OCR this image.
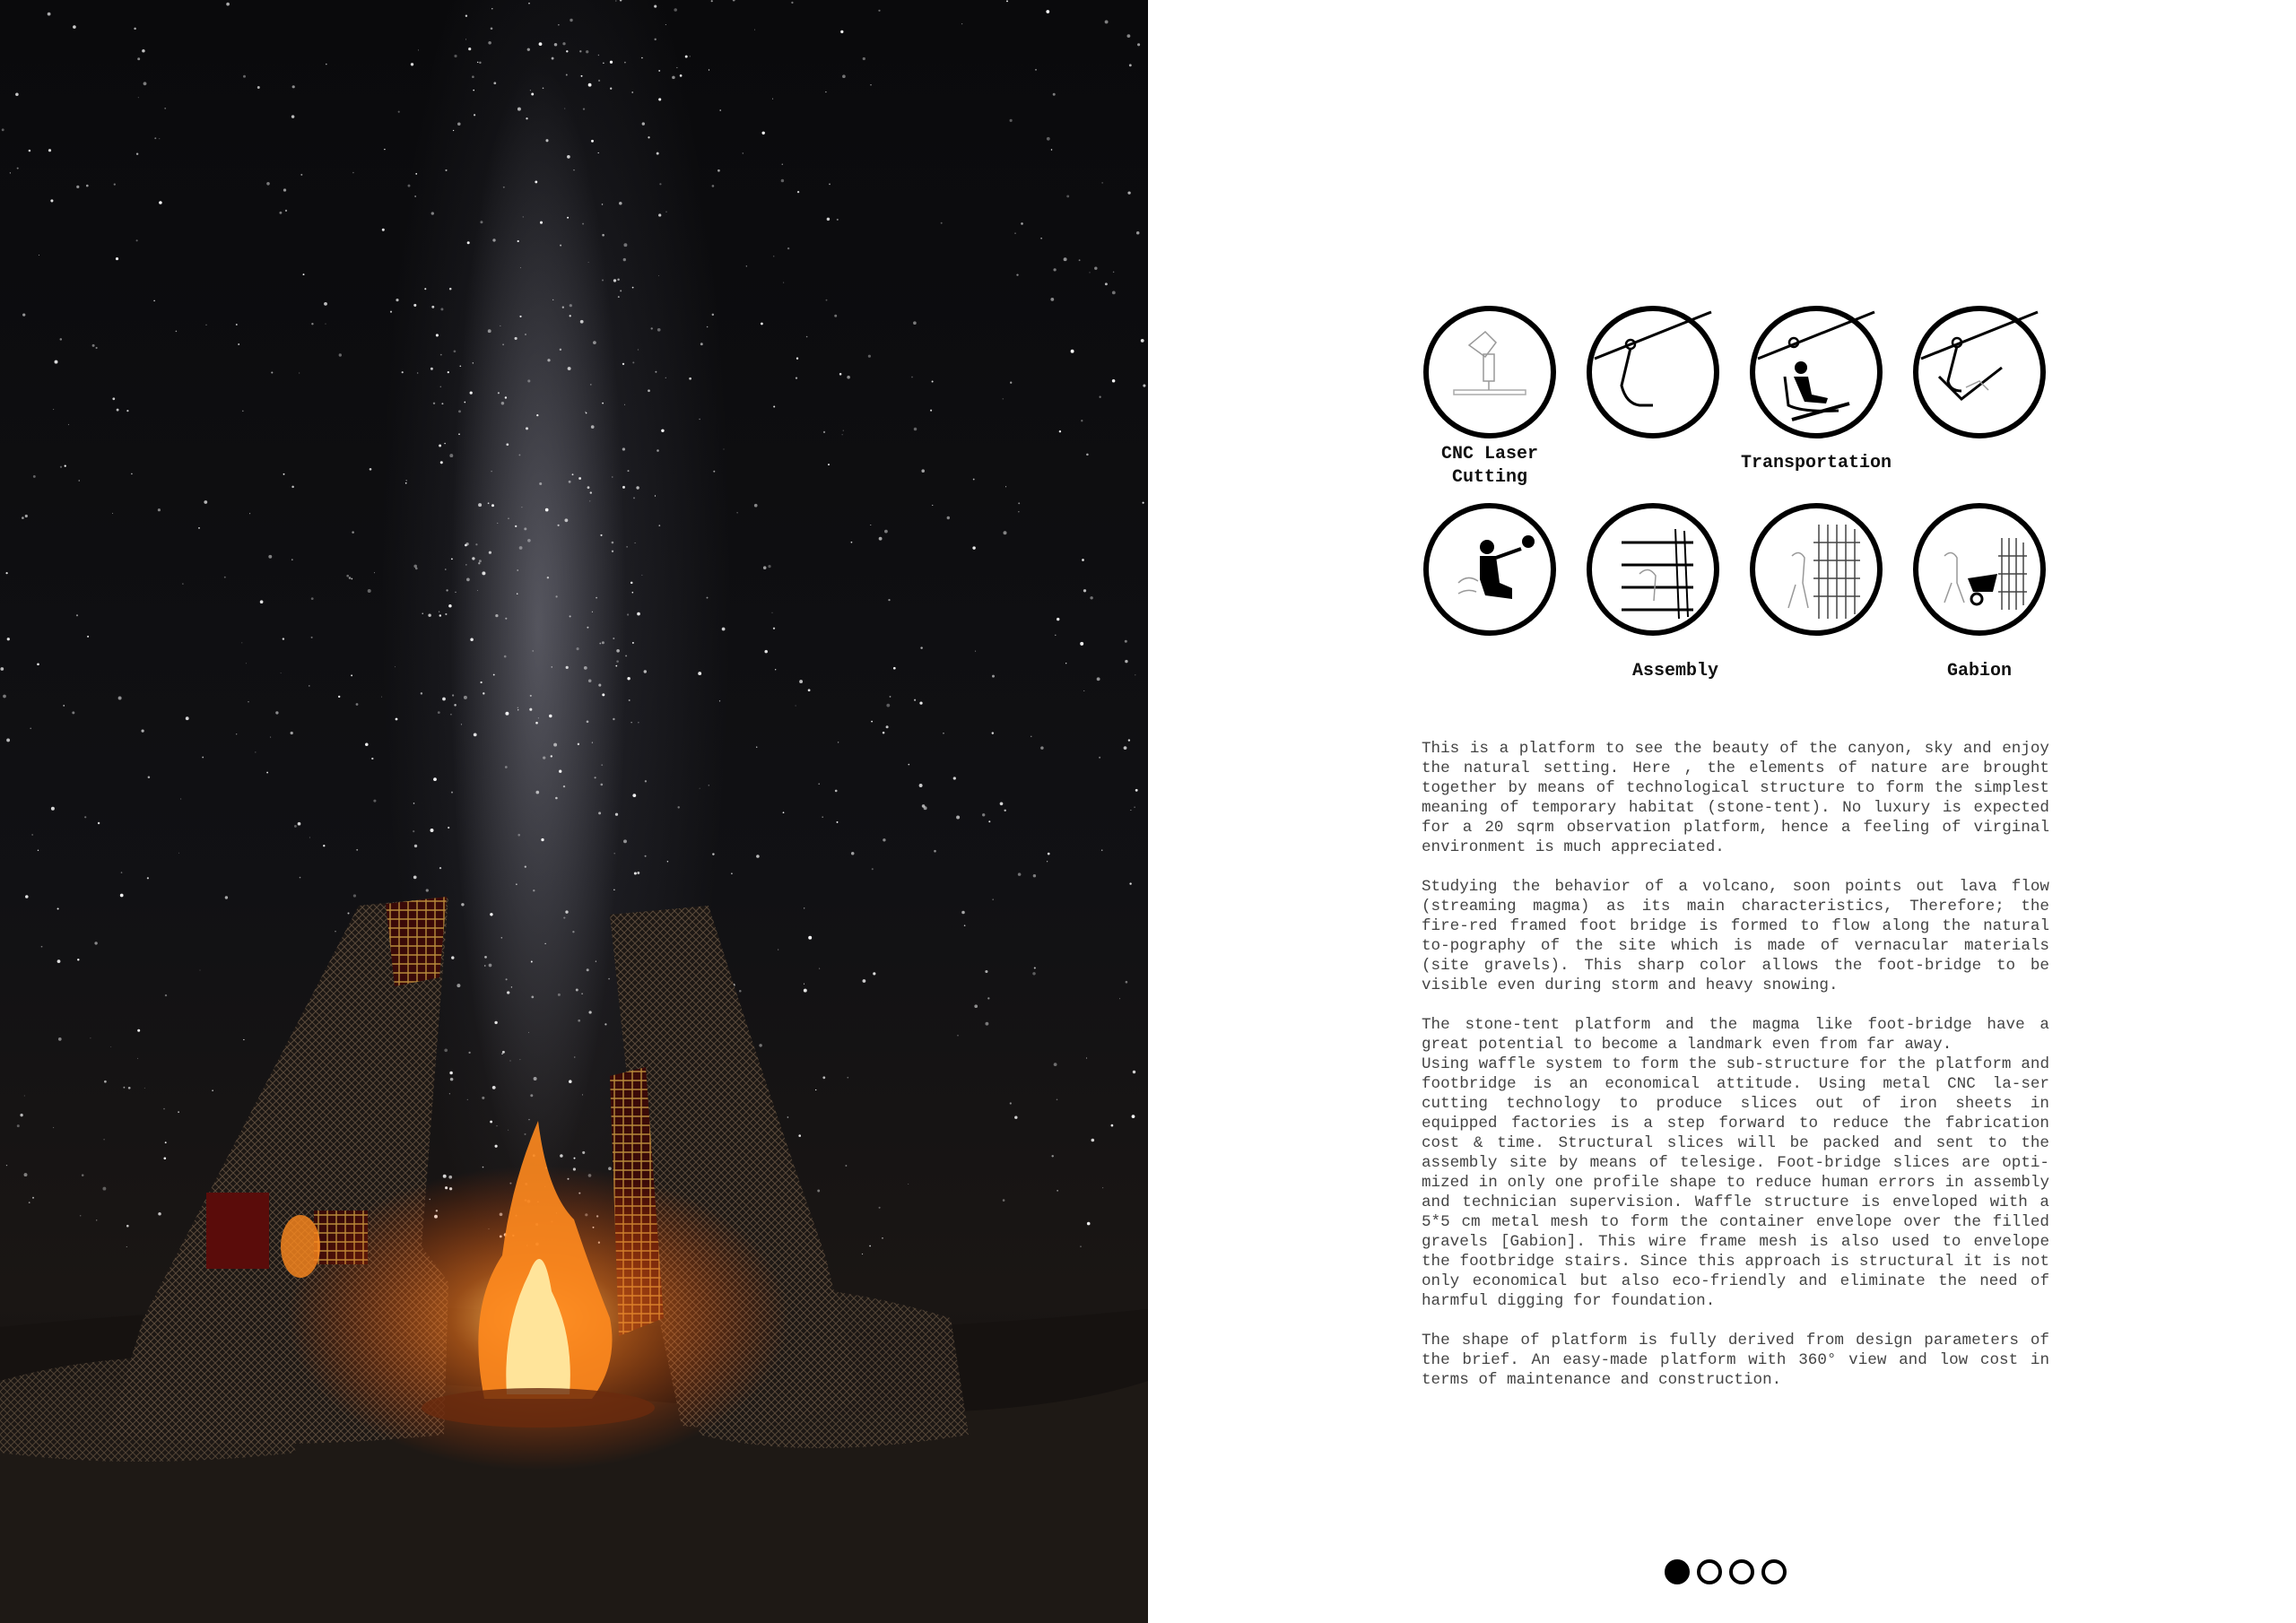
CNC Laser
Cutting
Transportation
Assembly	Gabion

This is a platform to see the beauty of the canyon, sky and enjoy the natural setting. Here , the elements of nature are brought together by means of technological structure to form the simplest meaning of temporary habitat (stone-tent). No luxury is expected for a 20 sqrm observation platform, hence a feeling of virginal environment is much appreciated.

Studying the behavior of a volcano, soon points out lava flow (streaming magma) as its main characteristics, Therefore; the fire-red framed foot bridge is formed to flow along the natural to-pography of the site which is made of vernacular materials (site gravels). This sharp color allows the foot-bridge to be visible even during storm and heavy snowing.

The stone-tent platform and the magma like foot-bridge have a great potential to become a landmark even from far away.
Using waffle system to form the sub-structure for the platform and footbridge is an economical attitude. Using metal CNC la-ser cutting technology to produce slices out of iron sheets in equipped factories is a step forward to reduce the fabrication cost & time. Structural slices will be packed and sent to the assembly site by means of telesige. Foot-bridge slices are opti-mized in only one profile shape to reduce human errors in assembly and technician supervision. Waffle structure is enveloped with a 5*5 cm metal mesh to form the container envelope over the filled gravels [Gabion]. This wire frame mesh is also used to envelope the footbridge stairs. Since this approach is structural it is not only economical but also eco-friendly and eliminate the need of harmful digging for foundation.

The shape of platform is fully derived from design parameters of the brief. An easy-made platform with 360° view and low cost in terms of maintenance and construction.
